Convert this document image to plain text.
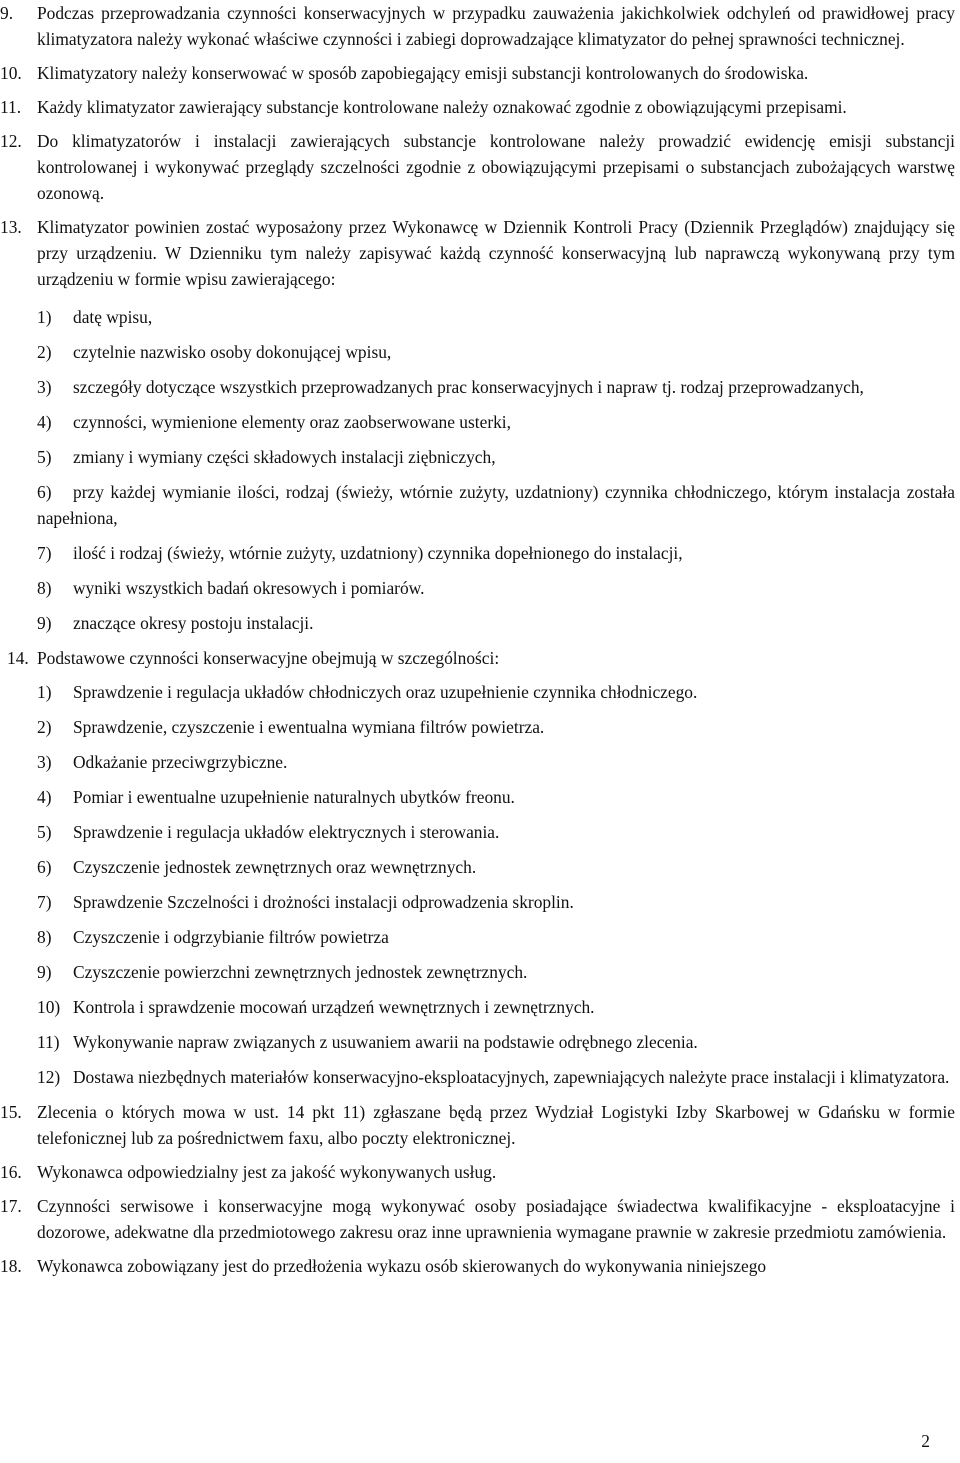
9.	Podczas przeprowadzania czynności konserwacyjnych w przypadku zauważenia jakichkolwiek odchyleń od prawidłowej pracy klimatyzatora należy wykonać właściwe czynności i zabiegi doprowadzające klimatyzator do pełnej sprawności technicznej.
10. Klimatyzatory należy konserwować w sposób zapobiegający emisji substancji kontrolowanych do środowiska.
11. Każdy klimatyzator zawierający substancje kontrolowane należy oznakować zgodnie z obowiązującymi przepisami.
12. Do klimatyzatorów i instalacji zawierających substancje kontrolowane należy prowadzić ewidencję emisji substancji kontrolowanej i wykonywać przeglądy szczelności zgodnie z obowiązującymi przepisami o substancjach zubożających warstwę ozonową.
13. Klimatyzator powinien zostać wyposażony przez Wykonawcę w Dziennik Kontroli Pracy (Dziennik Przeglądów) znajdujący się przy urządzeniu. W Dzienniku tym należy zapisywać każdą czynność konserwacyjną lub naprawczą wykonywaną przy tym urządzeniu w formie wpisu zawierającego:
1) datę wpisu,
2) czytelnie nazwisko osoby dokonującej wpisu,
3) szczegóły dotyczące wszystkich przeprowadzanych prac konserwacyjnych i napraw tj. rodzaj przeprowadzanych,
4) czynności, wymienione elementy oraz zaobserwowane usterki,
5) zmiany i wymiany części składowych instalacji ziębniczych,
6) przy każdej wymianie ilości, rodzaj (świeży, wtórnie zużyty, uzdatniony) czynnika chłodniczego, którym instalacja została napełniona,
7) ilość i rodzaj (świeży, wtórnie zużyty, uzdatniony) czynnika dopełnionego do instalacji,
8) wyniki wszystkich badań okresowych i pomiarów.
9) znaczące okresy postoju instalacji.
14. Podstawowe czynności konserwacyjne obejmują w szczególności:
1)	Sprawdzenie i regulacja układów chłodniczych oraz uzupełnienie czynnika chłodniczego.
2)	Sprawdzenie, czyszczenie i ewentualna wymiana filtrów powietrza.
3)	Odkażanie przeciwgrzybiczne.
4)	Pomiar i ewentualne uzupełnienie naturalnych ubytków freonu.
5)	Sprawdzenie i regulacja układów elektrycznych i sterowania.
6)	Czyszczenie jednostek zewnętrznych oraz wewnętrznych.
7)	Sprawdzenie Szczelności i drożności instalacji odprowadzenia skroplin.
8)	Czyszczenie i odgrzybianie filtrów powietrza
9)	Czyszczenie powierzchni zewnętrznych jednostek zewnętrznych.
10) Kontrola i sprawdzenie mocowań urządzeń wewnętrznych i zewnętrznych.
11) Wykonywanie napraw związanych z usuwaniem awarii na podstawie odrębnego zlecenia.
12) Dostawa niezbędnych materiałów konserwacyjno-eksploatacyjnych, zapewniających należyte prace instalacji i klimatyzatora.
15. Zlecenia o których mowa w ust. 14 pkt 11) zgłaszane będą przez Wydział Logistyki Izby Skarbowej w Gdańsku w formie telefonicznej lub za pośrednictwem faxu, albo poczty elektronicznej.
16. Wykonawca odpowiedzialny jest za jakość wykonywanych usług.
17. Czynności serwisowe i konserwacyjne mogą wykonywać osoby posiadające świadectwa kwalifikacyjne - eksploatacyjne i dozorowe, adekwatne dla przedmiotowego zakresu oraz inne uprawnienia wymagane prawnie w zakresie przedmiotu zamówienia.
18. Wykonawca zobowiązany jest do przedłożenia wykazu osób skierowanych do wykonywania niniejszego
2
